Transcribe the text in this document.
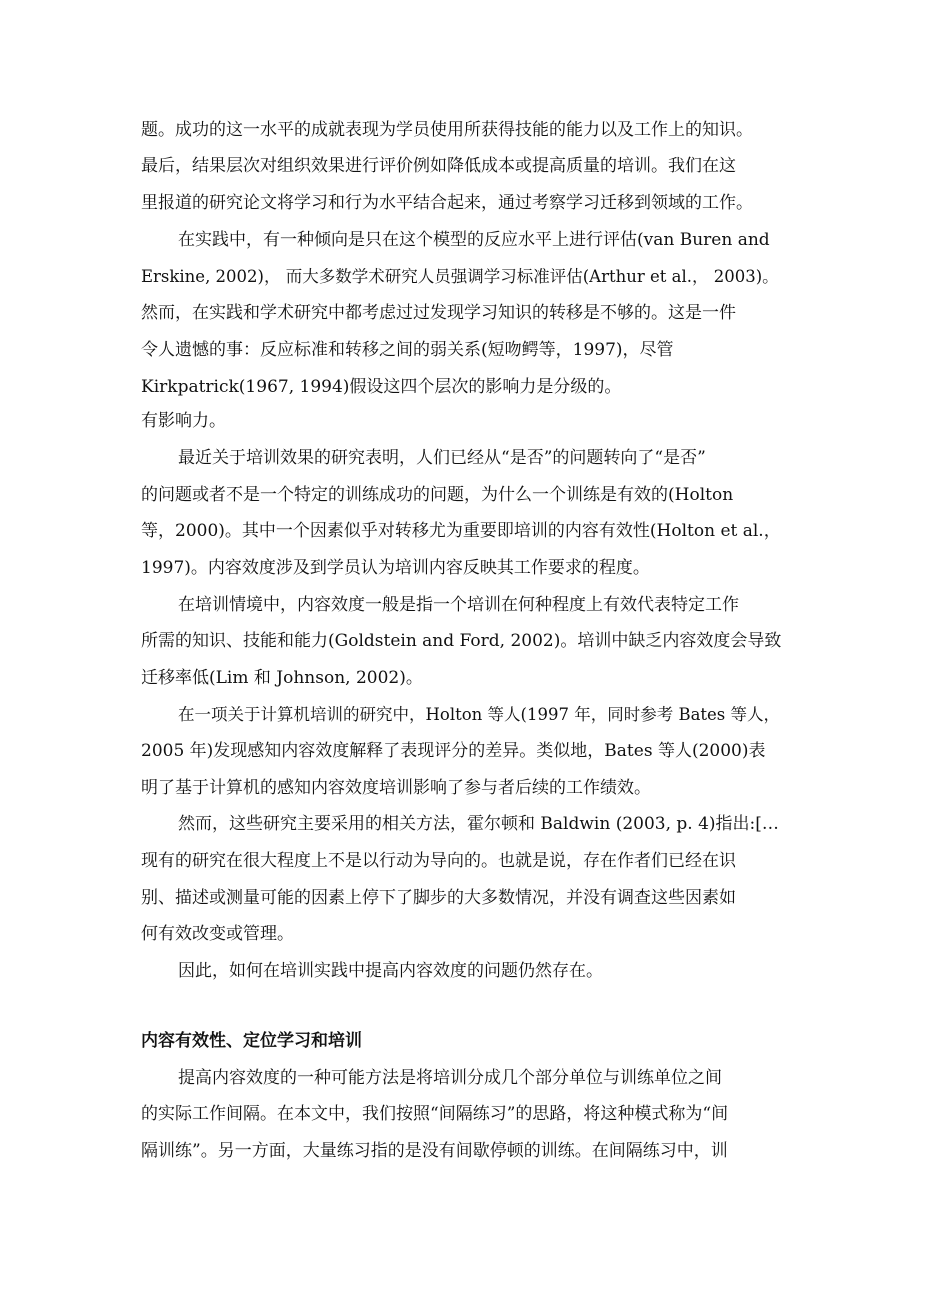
题。成功的这一水平的成就表现为学员使用所获得技能的能力以及工作上的知识。
最后，结果层次对组织效果进行评价例如降低成本或提高质量的培训。我们在这
里报道的研究论文将学习和行为水平结合起来，通过考察学习迁移到领域的工作。
在实践中，有一种倾向是只在这个模型的反应水平上进行评估(van Buren and
Erskine, 2002)， 而大多数学术研究人员强调学习标准评估(Arthur et al.， 2003)。
然而，在实践和学术研究中都考虑过过发现学习知识的转移是不够的。这是一件
令人遗憾的事：反应标准和转移之间的弱关系(短吻鳄等，1997)，尽管
Kirkpatrick(1967, 1994)假设这四个层次的影响力是分级的。
有影响力。
最近关于培训效果的研究表明，人们已经从“是否”的问题转向了“是否”
的问题或者不是一个特定的训练成功的问题，为什么一个训练是有效的(Holton
等，2000)。其中一个因素似乎对转移尤为重要即培训的内容有效性(Holton et al.，
1997)。内容效度涉及到学员认为培训内容反映其工作要求的程度。
在培训情境中，内容效度一般是指一个培训在何种程度上有效代表特定工作
所需的知识、技能和能力(Goldstein and Ford, 2002)。培训中缺乏内容效度会导致
迁移率低(Lim 和 Johnson, 2002)。
在一项关于计算机培训的研究中，Holton 等人(1997 年，同时参考 Bates 等人，
2005 年)发现感知内容效度解释了表现评分的差异。类似地，Bates 等人(2000)表
明了基于计算机的感知内容效度培训影响了参与者后续的工作绩效。
然而，这些研究主要采用的相关方法，霍尔顿和 Baldwin (2003, p. 4)指出:[…
现有的研究在很大程度上不是以行动为导向的。也就是说，存在作者们已经在识
别、描述或测量可能的因素上停下了脚步的大多数情况，并没有调查这些因素如
何有效改变或管理。
因此，如何在培训实践中提高内容效度的问题仍然存在。
内容有效性、定位学习和培训
提高内容效度的一种可能方法是将培训分成几个部分单位与训练单位之间
的实际工作间隔。在本文中，我们按照“间隔练习”的思路，将这种模式称为“间
隔训练”。另一方面，大量练习指的是没有间歇停顿的训练。在间隔练习中，训
